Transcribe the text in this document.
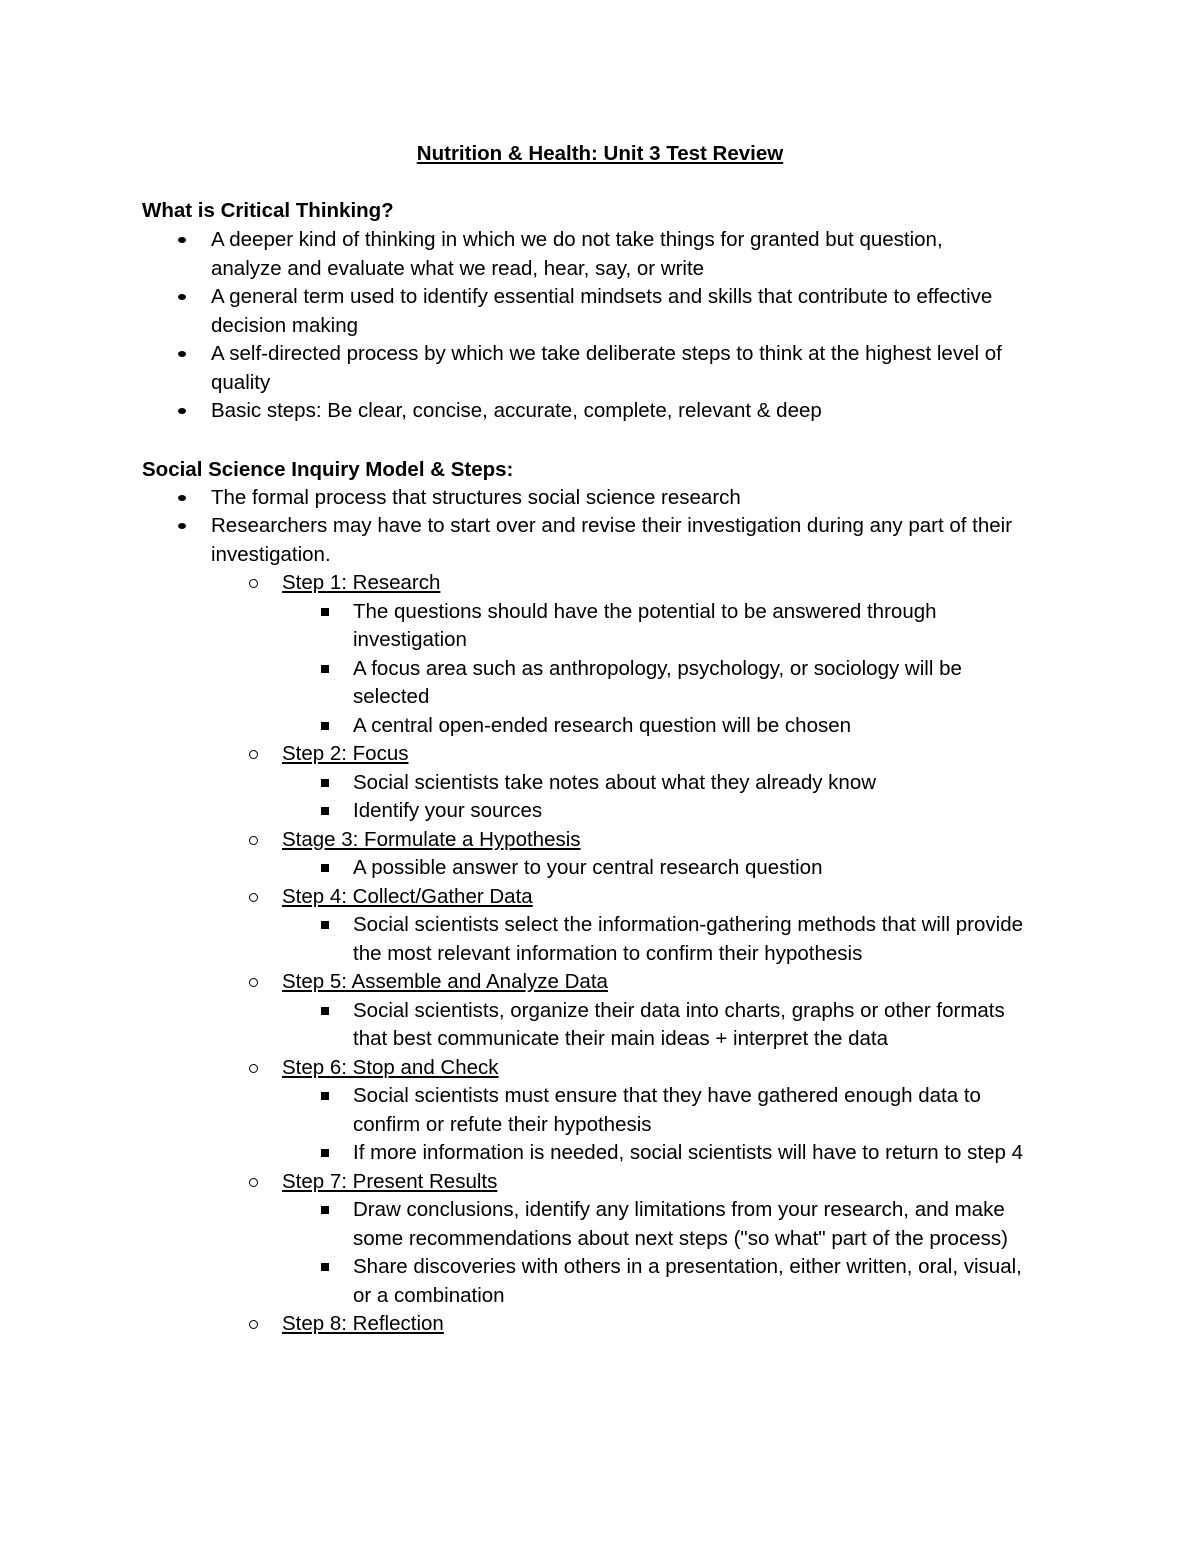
Nutrition & Health: Unit 3 Test Review
What is Critical Thinking?
A deeper kind of thinking in which we do not take things for granted but question,
analyze and evaluate what we read, hear, say, or write
A general term used to identify essential mindsets and skills that contribute to effective
decision making
A self-directed process by which we take deliberate steps to think at the highest level of
quality
Basic steps: Be clear, concise, accurate, complete, relevant & deep
Social Science Inquiry Model & Steps:
The formal process that structures social science research
Researchers may have to start over and revise their investigation during any part of their
investigation.
Step 1: Research
The questions should have the potential to be answered through
investigation
A focus area such as anthropology, psychology, or sociology will be
selected
A central open-ended research question will be chosen
Step 2: Focus
Social scientists take notes about what they already know
Identify your sources
Stage 3: Formulate a Hypothesis
A possible answer to your central research question
Step 4: Collect/Gather Data
Social scientists select the information-gathering methods that will provide
the most relevant information to confirm their hypothesis
Step 5: Assemble and Analyze Data
Social scientists, organize their data into charts, graphs or other formats
that best communicate their main ideas + interpret the data
Step 6: Stop and Check
Social scientists must ensure that they have gathered enough data to
confirm or refute their hypothesis
If more information is needed, social scientists will have to return to step 4
Step 7: Present Results
Draw conclusions, identify any limitations from your research, and make
some recommendations about next steps ("so what" part of the process)
Share discoveries with others in a presentation, either written, oral, visual,
or a combination
Step 8: Reflection
